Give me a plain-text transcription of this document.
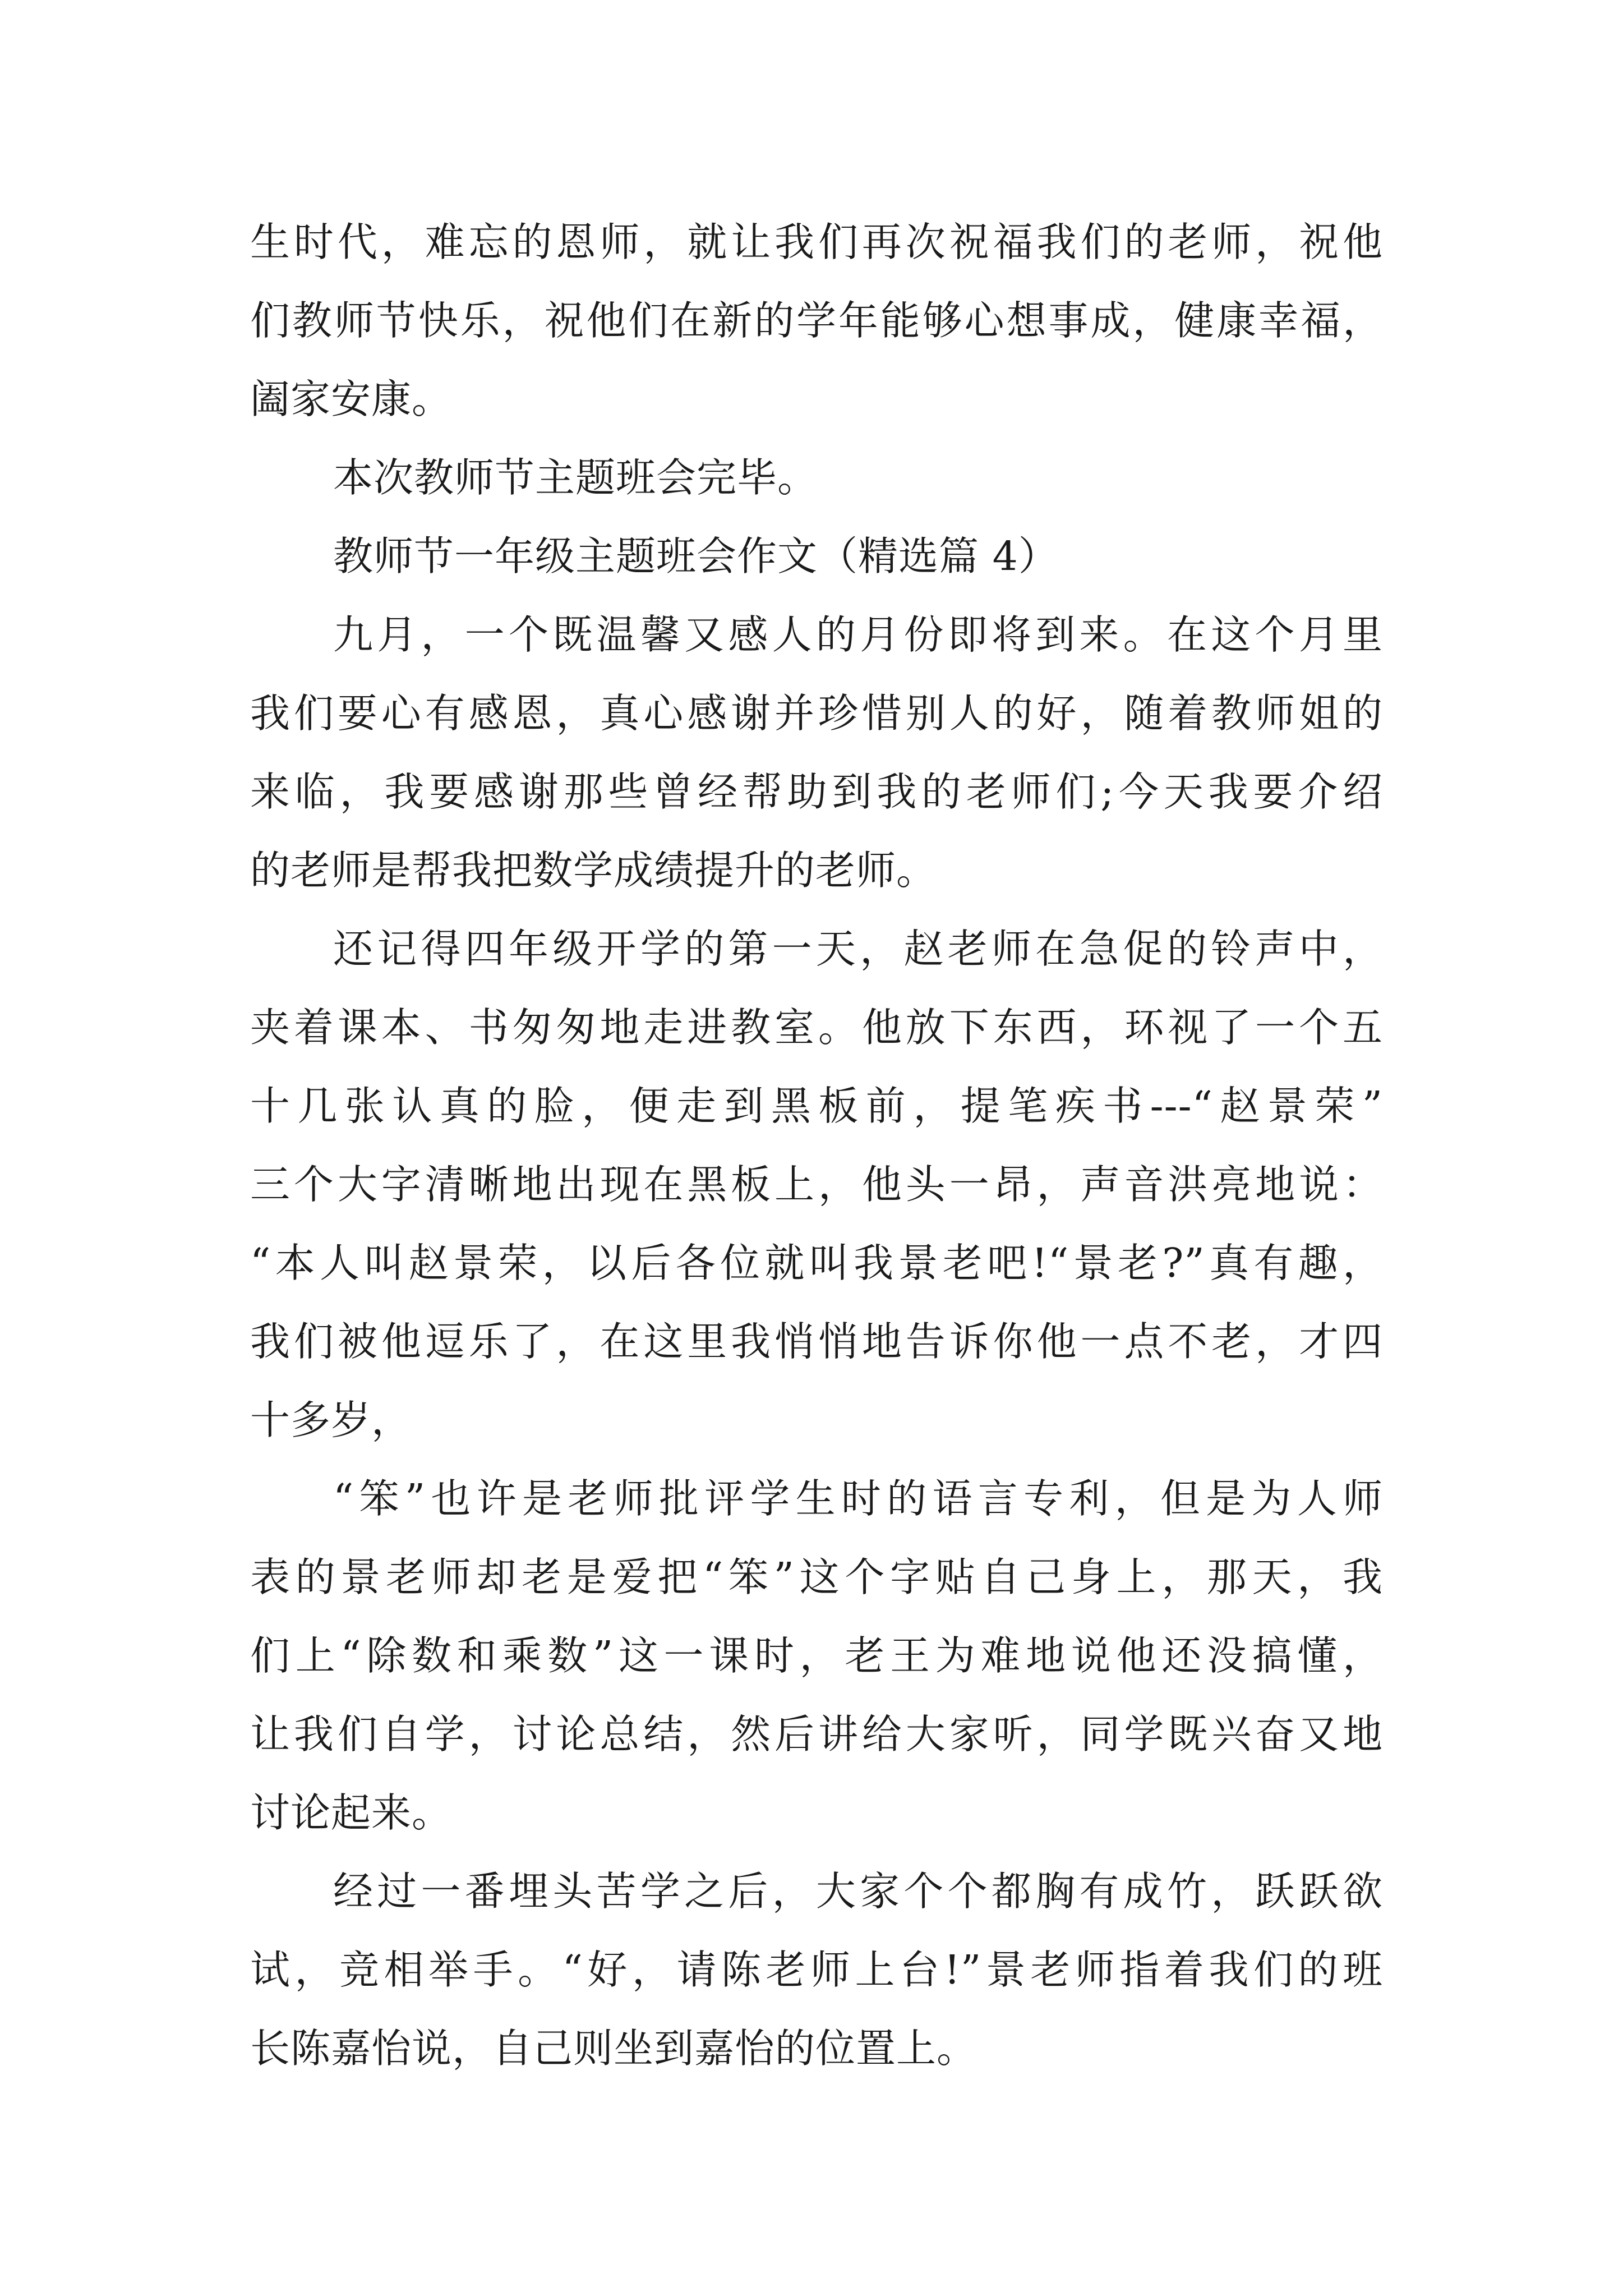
生时代，难忘的恩师，就让我们再次祝福我们的老师，祝他
们教师节快乐，祝他们在新的学年能够心想事成，健康幸福，
阖家安康。
本次教师节主题班会完毕。
教师节一年级主题班会作文（精选篇 4）
九月，一个既温馨又感人的月份即将到来。在这个月里
我们要心有感恩，真心感谢并珍惜别人的好，随着教师姐的
来临，我要感谢那些曾经帮助到我的老师们;今天我要介绍
的老师是帮我把数学成绩提升的老师。
还记得四年级开学的第一天，赵老师在急促的铃声中，
夹着课本、书匆匆地走进教室。他放下东西，环视了一个五
十几张认真的脸，便走到黑板前，提笔疾书---“赵景荣”
三个大字清晰地出现在黑板上，他头一昂，声音洪亮地说：
“本人叫赵景荣，以后各位就叫我景老吧!“景老?”真有趣，
我们被他逗乐了，在这里我悄悄地告诉你他一点不老，才四
十多岁，
“笨”也许是老师批评学生时的语言专利，但是为人师
表的景老师却老是爱把“笨”这个字贴自己身上，那天，我
们上“除数和乘数”这一课时，老王为难地说他还没搞懂，
让我们自学，讨论总结，然后讲给大家听，同学既兴奋又地
讨论起来。
经过一番埋头苦学之后，大家个个都胸有成竹，跃跃欲
试，竞相举手。“好，请陈老师上台!”景老师指着我们的班
长陈嘉怡说，自己则坐到嘉怡的位置上。
